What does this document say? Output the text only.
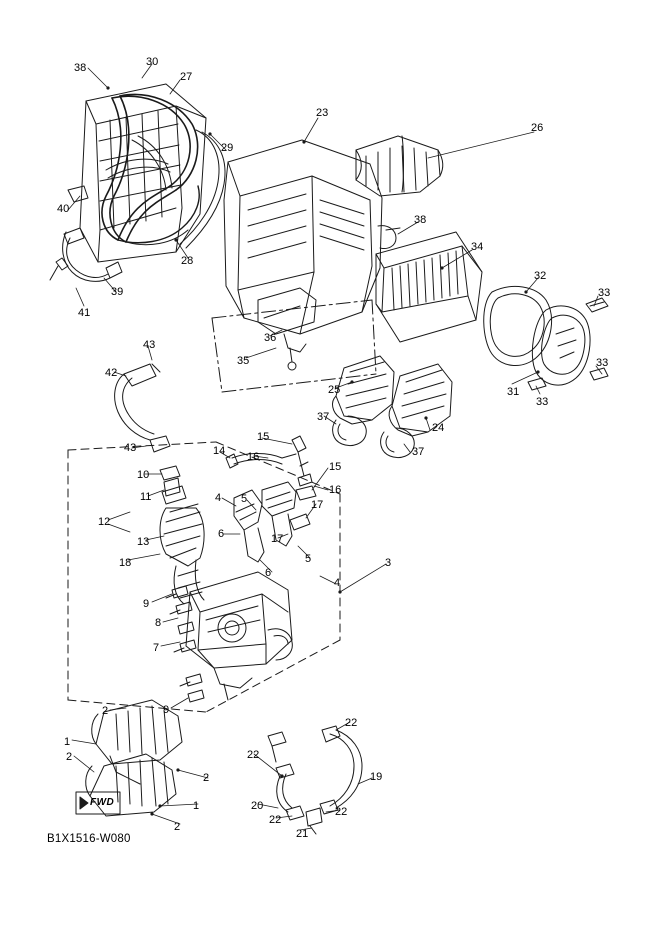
38	30
27
23
26
29
40
38
34
28
32
39	33
41
36
43
35	33
42
31
25
33
37
24
43	37
14
15
16
15
10
16
11	4 5	17
12
6
13	17
18	5	3
6
4
9
8
7
9
22
2
1
22
2
19
2
1	20	22
22
2
21
FWD
B1X1516-W080
